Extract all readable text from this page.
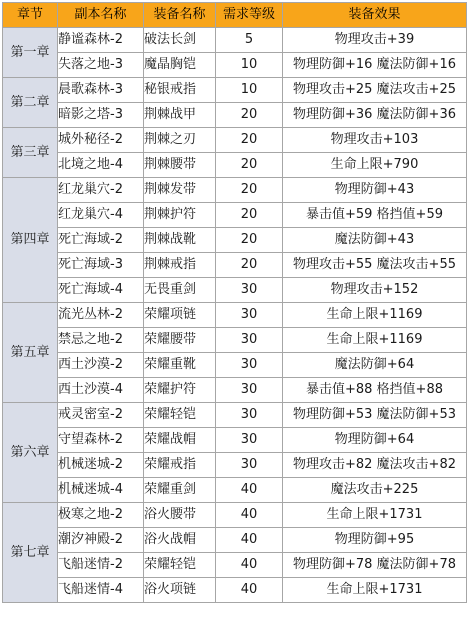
章节	副本名称	装备名称	需求等级	装备效果
第一章	静谧森林-2	破法长剑	5	物理攻击+39
	失落之地-3	魔晶胸铠	10	物理防御+16 魔法防御+16
第二章	晨歌森林-3	秘银戒指	10	物理攻击+25 魔法攻击+25
	暗影之塔-3	荆棘战甲	20	物理防御+36 魔法防御+36
第三章	城外秘径-2	荆棘之刃	20	物理攻击+103
	北境之地-4	荆棘腰带	20	生命上限+790
第四章	红龙巢穴-2	荆棘发带	20	物理防御+43
	红龙巢穴-4	荆棘护符	20	暴击值+59 格挡值+59
	死亡海域-2	荆棘战靴	20	魔法防御+43
	死亡海域-3	荆棘戒指	20	物理攻击+55 魔法攻击+55
	死亡海域-4	无畏重剑	30	物理攻击+152
第五章	流光丛林-2	荣耀项链	30	生命上限+1169
	禁忌之地-2	荣耀腰带	30	生命上限+1169
	西土沙漠-2	荣耀重靴	30	魔法防御+64
	西土沙漠-4	荣耀护符	30	暴击值+88 格挡值+88
第六章	戒灵密室-2	荣耀轻铠	30	物理防御+53 魔法防御+53
	守望森林-2	荣耀战帽	30	物理防御+64
	机械迷城-2	荣耀戒指	30	物理攻击+82 魔法攻击+82
	机械迷城-4	荣耀重剑	40	魔法攻击+225
第七章	极寒之地-2	浴火腰带	40	生命上限+1731
	潮汐神殿-2	浴火战帽	40	物理防御+95
	飞船迷情-2	荣耀轻铠	40	物理防御+78 魔法防御+78
	飞船迷情-4	浴火项链	40	生命上限+1731
